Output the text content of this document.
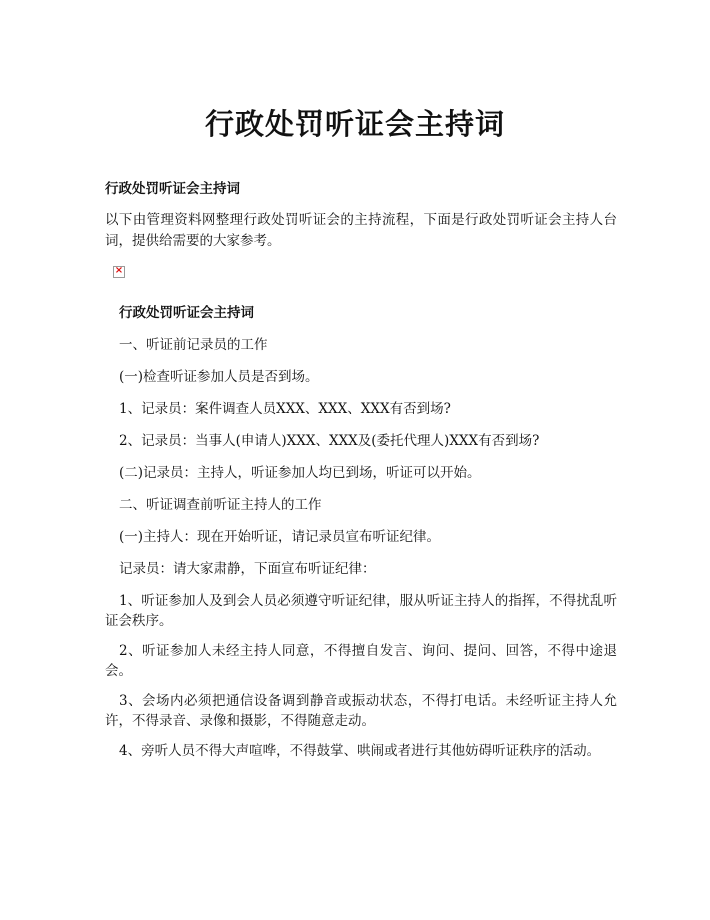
行政处罚听证会主持词
行政处罚听证会主持词
以下由管理资料网整理行政处罚听证会的主持流程，下面是行政处罚听证会主持人台词，提供给需要的大家参考。
×
行政处罚听证会主持词
一、听证前记录员的工作
(一)检查听证参加人员是否到场。
1、记录员：案件调查人员XXX、XXX、XXX有否到场?
2、记录员：当事人(申请人)XXX、XXX及(委托代理人)XXX有否到场?
(二)记录员：主持人，听证参加人均已到场，听证可以开始。
二、听证调查前听证主持人的工作
(一)主持人：现在开始听证，请记录员宣布听证纪律。
记录员：请大家肃静，下面宣布听证纪律：
1、听证参加人及到会人员必须遵守听证纪律，服从听证主持人的指挥，不得扰乱听证会秩序。
2、听证参加人未经主持人同意，不得擅自发言、询问、提问、回答，不得中途退会。
3、会场内必须把通信设备调到静音或振动状态，不得打电话。未经听证主持人允许，不得录音、录像和摄影，不得随意走动。
4、旁听人员不得大声喧哗，不得鼓掌、哄闹或者进行其他妨碍听证秩序的活动。
